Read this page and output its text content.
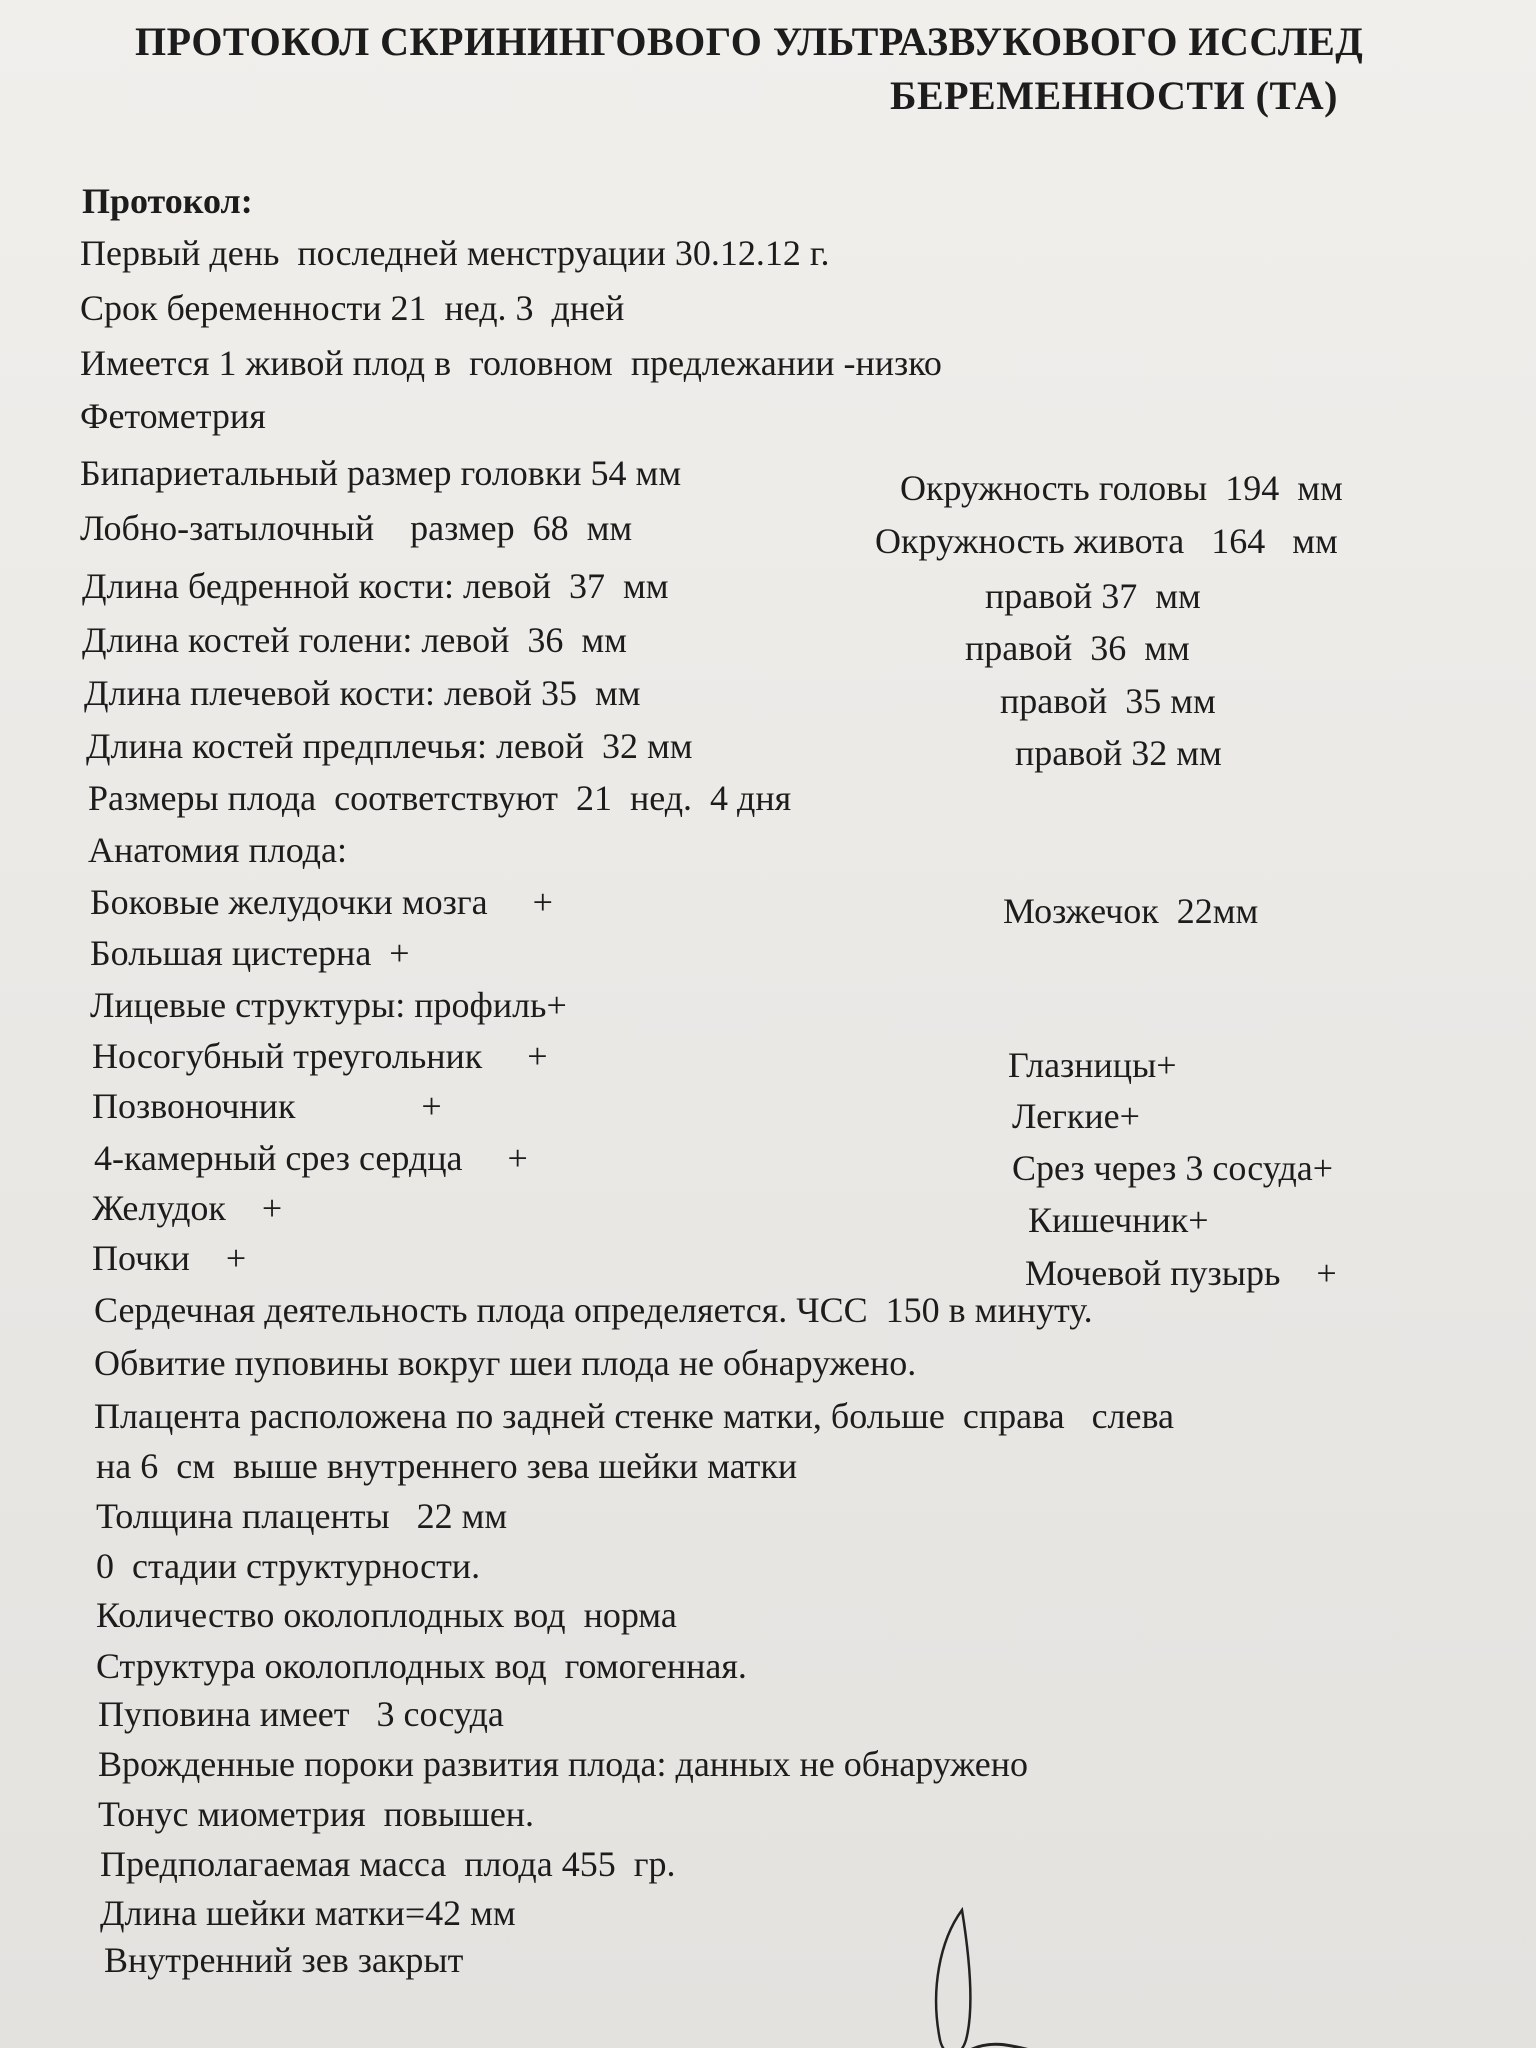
ПРОТОКОЛ СКРИНИНГОВОГО УЛЬТРАЗВУКОВОГО ИССЛЕД
БЕРЕМЕННОСТИ (ТА)
Протокол:
Первый день  последней менструации 30.12.12 г.
Срок беременности 21  нед. 3  дней
Имеется 1 живой плод в  головном  предлежании -низко
Фетометрия
Бипариетальный размер головки 54 мм	Окружность головы  194  мм
Лобно-затылочный    размер  68  мм	Окружность живота   164   мм
Длина бедренной кости: левой  37  мм	правой 37  мм
Длина костей голени: левой  36  мм	правой  36  мм
Длина плечевой кости: левой 35  мм	правой  35 мм
Длина костей предплечья: левой  32 мм	правой 32 мм
Размеры плода  соответствуют  21  нед.  4 дня
Анатомия плода:
Боковые желудочки мозга     +	Мозжечок  22мм
Большая цистерна  +
Лицевые структуры: профиль+
Носогубный треугольник     +	Глазницы+
Позвоночник              +	Легкие+
4-камерный срез сердца     +	Срез через 3 сосуда+
Желудок    +	Кишечник+
Почки    +	Мочевой пузырь    +
Сердечная деятельность плода определяется. ЧСС  150 в минуту.
Обвитие пуповины вокруг шеи плода не обнаружено.
Плацента расположена по задней стенке матки, больше  справа   слева
на 6  см  выше внутреннего зева шейки матки
Толщина плаценты   22 мм
0  стадии структурности.
Количество околоплодных вод  норма
Структура околоплодных вод  гомогенная.
Пуповина имеет   3 сосуда
Врожденные пороки развития плода: данных не обнаружено
Тонус миометрия  повышен.
Предполагаемая масса  плода 455  гр.
Длина шейки матки=42 мм
Внутренний зев закрыт
